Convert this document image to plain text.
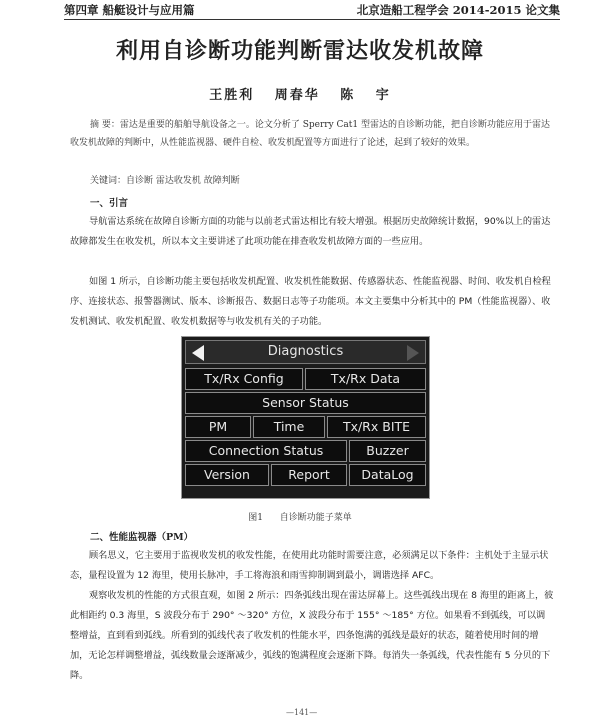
第四章 船艇设计与应用篇	北京造船工程学会 2014-2015 论文集
利用自诊断功能判断雷达收发机故障
王胜利 周春华 陈 宇
摘 要：雷达是重要的船舶导航设备之一。论文分析了 Sperry Cat1 型雷达的自诊断功能，把自诊断功能应用于雷达收发机故障的判断中，从性能监视器、硬件自检、收发机配置等方面进行了论述，起到了较好的效果。
关键词：自诊断 雷达收发机 故障判断
一、引言
导航雷达系统在故障自诊断方面的功能与以前老式雷达相比有较大增强。根据历史故障统计数据，90%以上的雷达故障都发生在收发机，所以本文主要讲述了此项功能在排查收发机故障方面的一些应用。
如图 1 所示，自诊断功能主要包括收发机配置、收发机性能数据、传感器状态、性能监视器、时间、收发机自检程序、连接状态、报警器测试、版本、诊断报告、数据日志等子功能项。本文主要集中分析其中的 PM（性能监视器）、收发机测试、收发机配置、收发机数据等与收发机有关的子功能。
Diagnostics
Tx/Rx Config	Tx/Rx Data
Sensor Status
PM	Time	Tx/Rx BITE
Connection Status	Buzzer
Version	Report	DataLog
图1 自诊断功能子菜单
二、性能监视器（PM）
顾名思义，它主要用于监视收发机的收发性能，在使用此功能时需要注意，必须满足以下条件：主机处于主显示状态，量程设置为 12 海里，使用长脉冲，手工将海浪和雨雪抑制调到最小，调谐选择 AFC。
观察收发机的性能的方式很直观，如图 2 所示：四条弧线出现在雷达屏幕上。这些弧线出现在 8 海里的距离上，彼此相距约 0.3 海里，S 波段分布于 290° ～320° 方位，X 波段分布于 155° ～185° 方位。如果看不到弧线，可以调整增益，直到看到弧线。所看到的弧线代表了收发机的性能水平，四条饱满的弧线是最好的状态，随着使用时间的增加，无论怎样调整增益，弧线数量会逐渐减少，弧线的饱满程度会逐渐下降。每消失一条弧线，代表性能有 5 分贝的下降。
—141—
